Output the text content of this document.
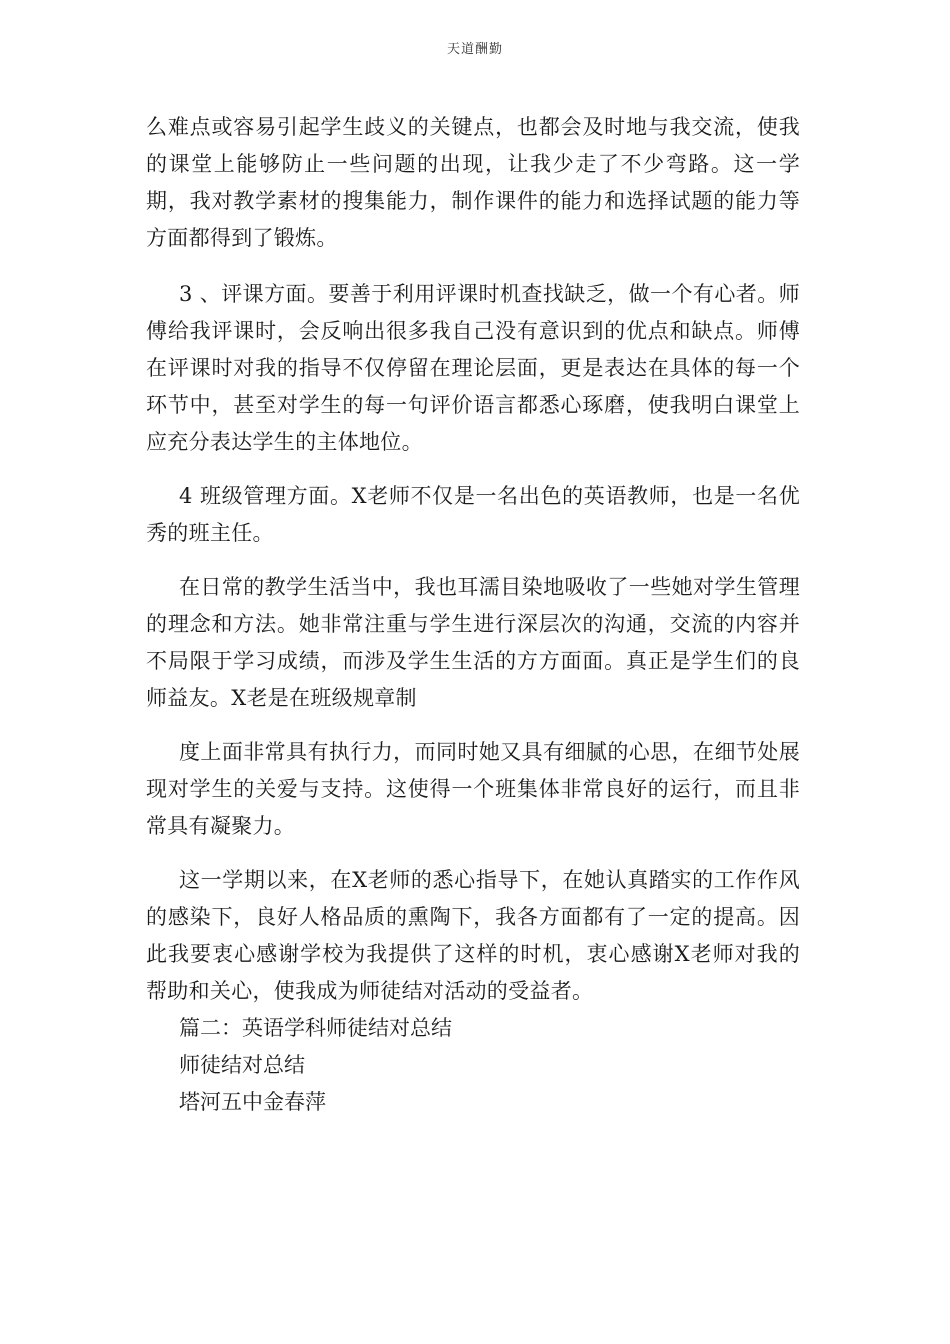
天道酬勤

么难点或容易引起学生歧义的关键点，也都会及时地与我交流，使我的课堂上能够防止一些问题的出现，让我少走了不少弯路。这一学期，我对教学素材的搜集能力，制作课件的能力和选择试题的能力等方面都得到了锻炼。

3 、评课方面。要善于利用评课时机查找缺乏，做一个有心者。师傅给我评课时，会反响出很多我自己没有意识到的优点和缺点。师傅在评课时对我的指导不仅停留在理论层面，更是表达在具体的每一个环节中，甚至对学生的每一句评价语言都悉心琢磨，使我明白课堂上应充分表达学生的主体地位。

4 班级管理方面。X老师不仅是一名出色的英语教师，也是一名优秀的班主任。

在日常的教学生活当中，我也耳濡目染地吸收了一些她对学生管理的理念和方法。她非常注重与学生进行深层次的沟通，交流的内容并不局限于学习成绩，而涉及学生生活的方方面面。真正是学生们的良师益友。X老是在班级规章制

度上面非常具有执行力，而同时她又具有细腻的心思，在细节处展现对学生的关爱与支持。这使得一个班集体非常良好的运行，而且非常具有凝聚力。

这一学期以来，在X老师的悉心指导下，在她认真踏实的工作作风的感染下，良好人格品质的熏陶下，我各方面都有了一定的提高。因此我要衷心感谢学校为我提供了这样的时机，衷心感谢X老师对我的帮助和关心，使我成为师徒结对活动的受益者。

篇二：英语学科师徒结对总结

师徒结对总结

塔河五中金春萍
